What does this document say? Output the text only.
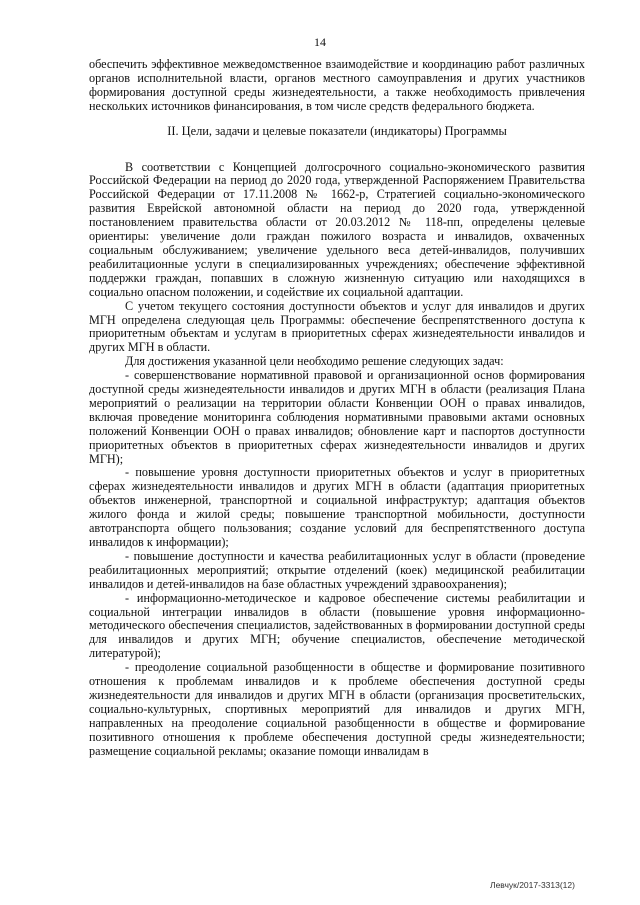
14

обеспечить эффективное межведомственное взаимодействие и координацию работ различных органов исполнительной власти, органов местного самоуправления и других участников формирования доступной среды жизнедеятельности, а также необходимость привлечения нескольких источников финансирования, в том числе средств федерального бюджета.

II. Цели, задачи и целевые показатели (индикаторы) Программы

В соответствии с Концепцией долгосрочного социально-экономического развития Российской Федерации на период до 2020 года, утвержденной Распоряжением Правительства Российской Федерации от 17.11.2008 № 1662-р, Стратегией социально-экономического развития Еврейской автономной области на период до 2020 года, утвержденной постановлением правительства области от 20.03.2012 № 118-пп, определены целевые ориентиры: увеличение доли граждан пожилого возраста и инвалидов, охваченных социальным обслуживанием; увеличение удельного веса детей-инвалидов, получивших реабилитационные услуги в специализированных учреждениях; обеспечение эффективной поддержки граждан, попавших в сложную жизненную ситуацию или находящихся в социально опасном положении, и содействие их социальной адаптации.

С учетом текущего состояния доступности объектов и услуг для инвалидов и других МГН определена следующая цель Программы: обеспечение беспрепятственного доступа к приоритетным объектам и услугам в приоритетных сферах жизнедеятельности инвалидов и других МГН в области.

Для достижения указанной цели необходимо решение следующих задач:

- совершенствование нормативной правовой и организационной основ формирования доступной среды жизнедеятельности инвалидов и других МГН в области (реализация Плана мероприятий о реализации на территории области Конвенции ООН о правах инвалидов, включая проведение мониторинга соблюдения нормативными правовыми актами основных положений Конвенции ООН о правах инвалидов; обновление карт и паспортов доступности приоритетных объектов в приоритетных сферах жизнедеятельности инвалидов и других МГН);

- повышение уровня доступности приоритетных объектов и услуг в приоритетных сферах жизнедеятельности инвалидов и других МГН в области (адаптация приоритетных объектов инженерной, транспортной и социальной инфраструктур; адаптация объектов жилого фонда и жилой среды; повышение транспортной мобильности, доступности автотранспорта общего пользования; создание условий для беспрепятственного доступа инвалидов к информации);

- повышение доступности и качества реабилитационных услуг в области (проведение реабилитационных мероприятий; открытие отделений (коек) медицинской реабилитации инвалидов и детей-инвалидов на базе областных учреждений здравоохранения);

- информационно-методическое и кадровое обеспечение системы реабилитации и социальной интеграции инвалидов в области (повышение уровня информационно-методического обеспечения специалистов, задействованных в формировании доступной среды для инвалидов и других МГН; обучение специалистов, обеспечение методической литературой);

- преодоление социальной разобщенности в обществе и формирование позитивного отношения к проблемам инвалидов и к проблеме обеспечения доступной среды жизнедеятельности для инвалидов и других МГН в области (организация просветительских, социально-культурных, спортивных мероприятий для инвалидов и других МГН, направленных на преодоление социальной разобщенности в обществе и формирование позитивного отношения к проблеме обеспечения доступной среды жизнедеятельности; размещение социальной рекламы; оказание помощи инвалидам в

Левчук/2017-3313(12)
